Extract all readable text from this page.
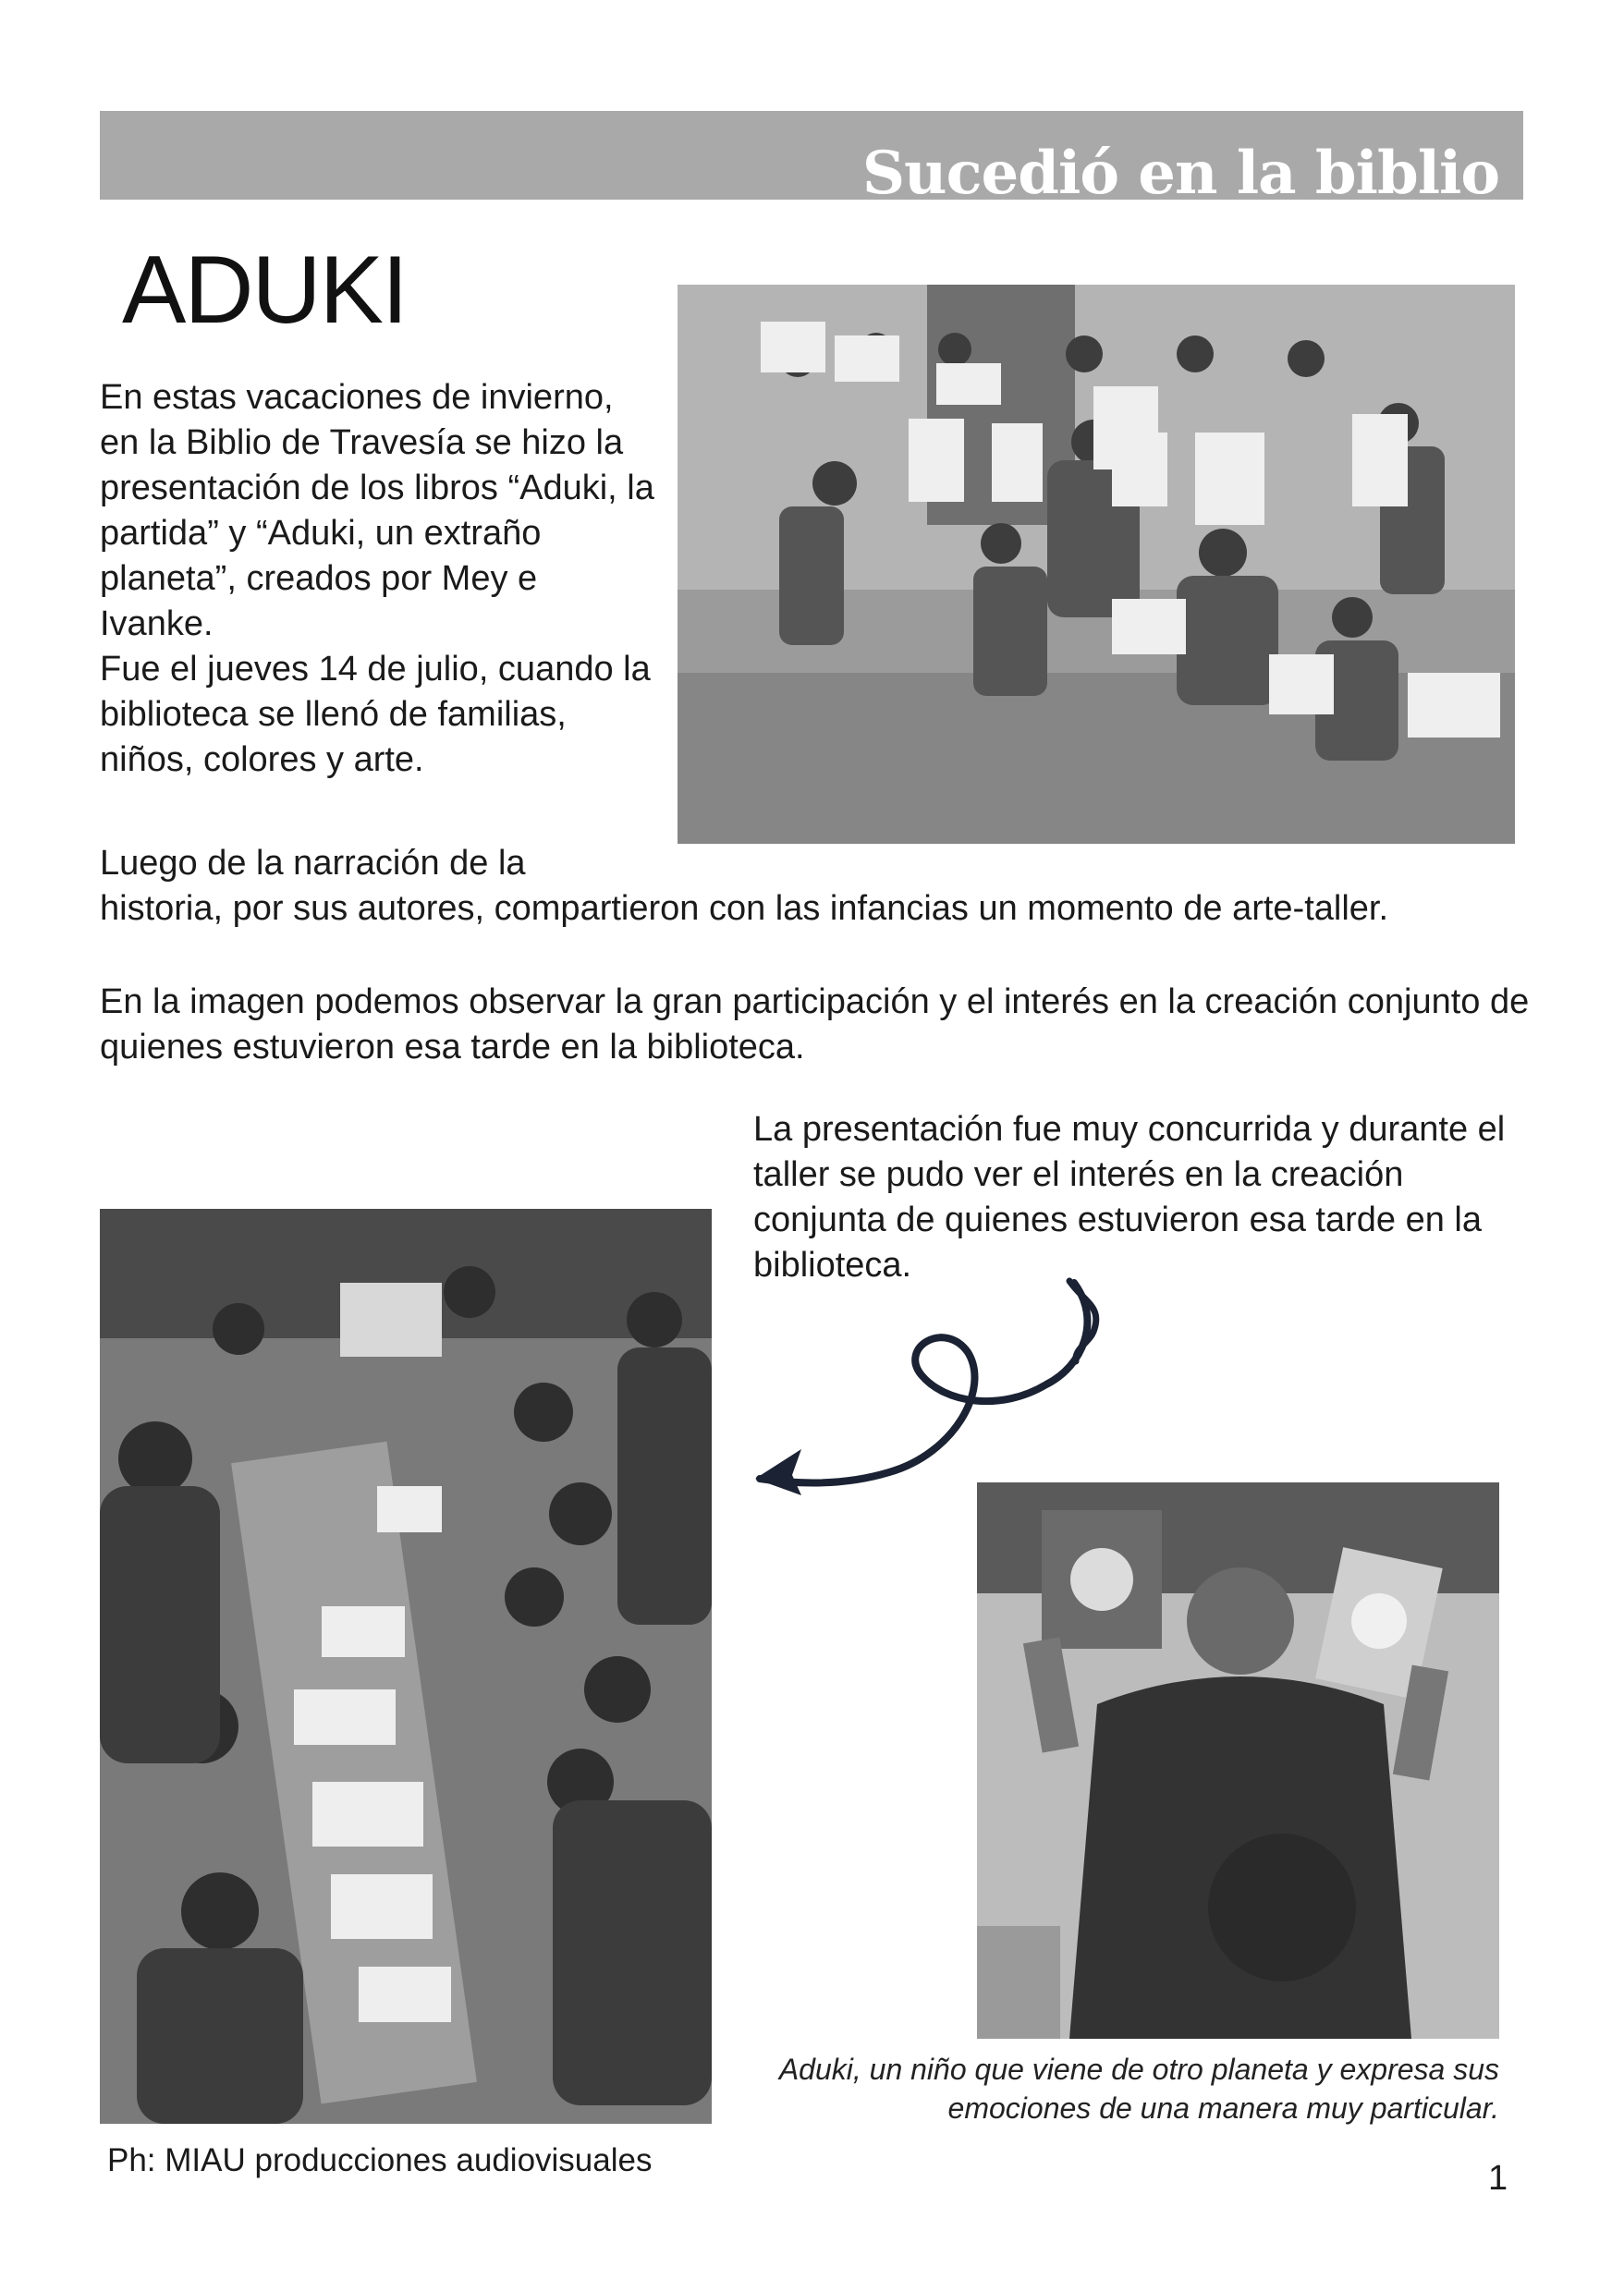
Sucedió en la biblio
ADUKI
En estas vacaciones de invierno, en la Biblio de Travesía se hizo la presentación de los libros “Aduki, la partida” y “Aduki, un extraño planeta”, creados por Mey e Ivanke.
Fue el jueves 14 de julio, cuando la biblioteca se llenó de familias, niños, colores y arte.
Luego de la narración de la
historia, por sus autores, compartieron con las infancias un momento de arte-taller.
En la imagen podemos observar la gran participación y el interés en la creación conjunto de quienes estuvieron esa tarde en la biblioteca.
La presentación fue muy concurrida y durante el taller se pudo ver el interés en la creación conjunta de quienes estuvieron esa tarde en la biblioteca.
Aduki, un niño que viene de otro planeta y expresa sus emociones de una manera muy particular.
Ph: MIAU producciones audiovisuales	1
